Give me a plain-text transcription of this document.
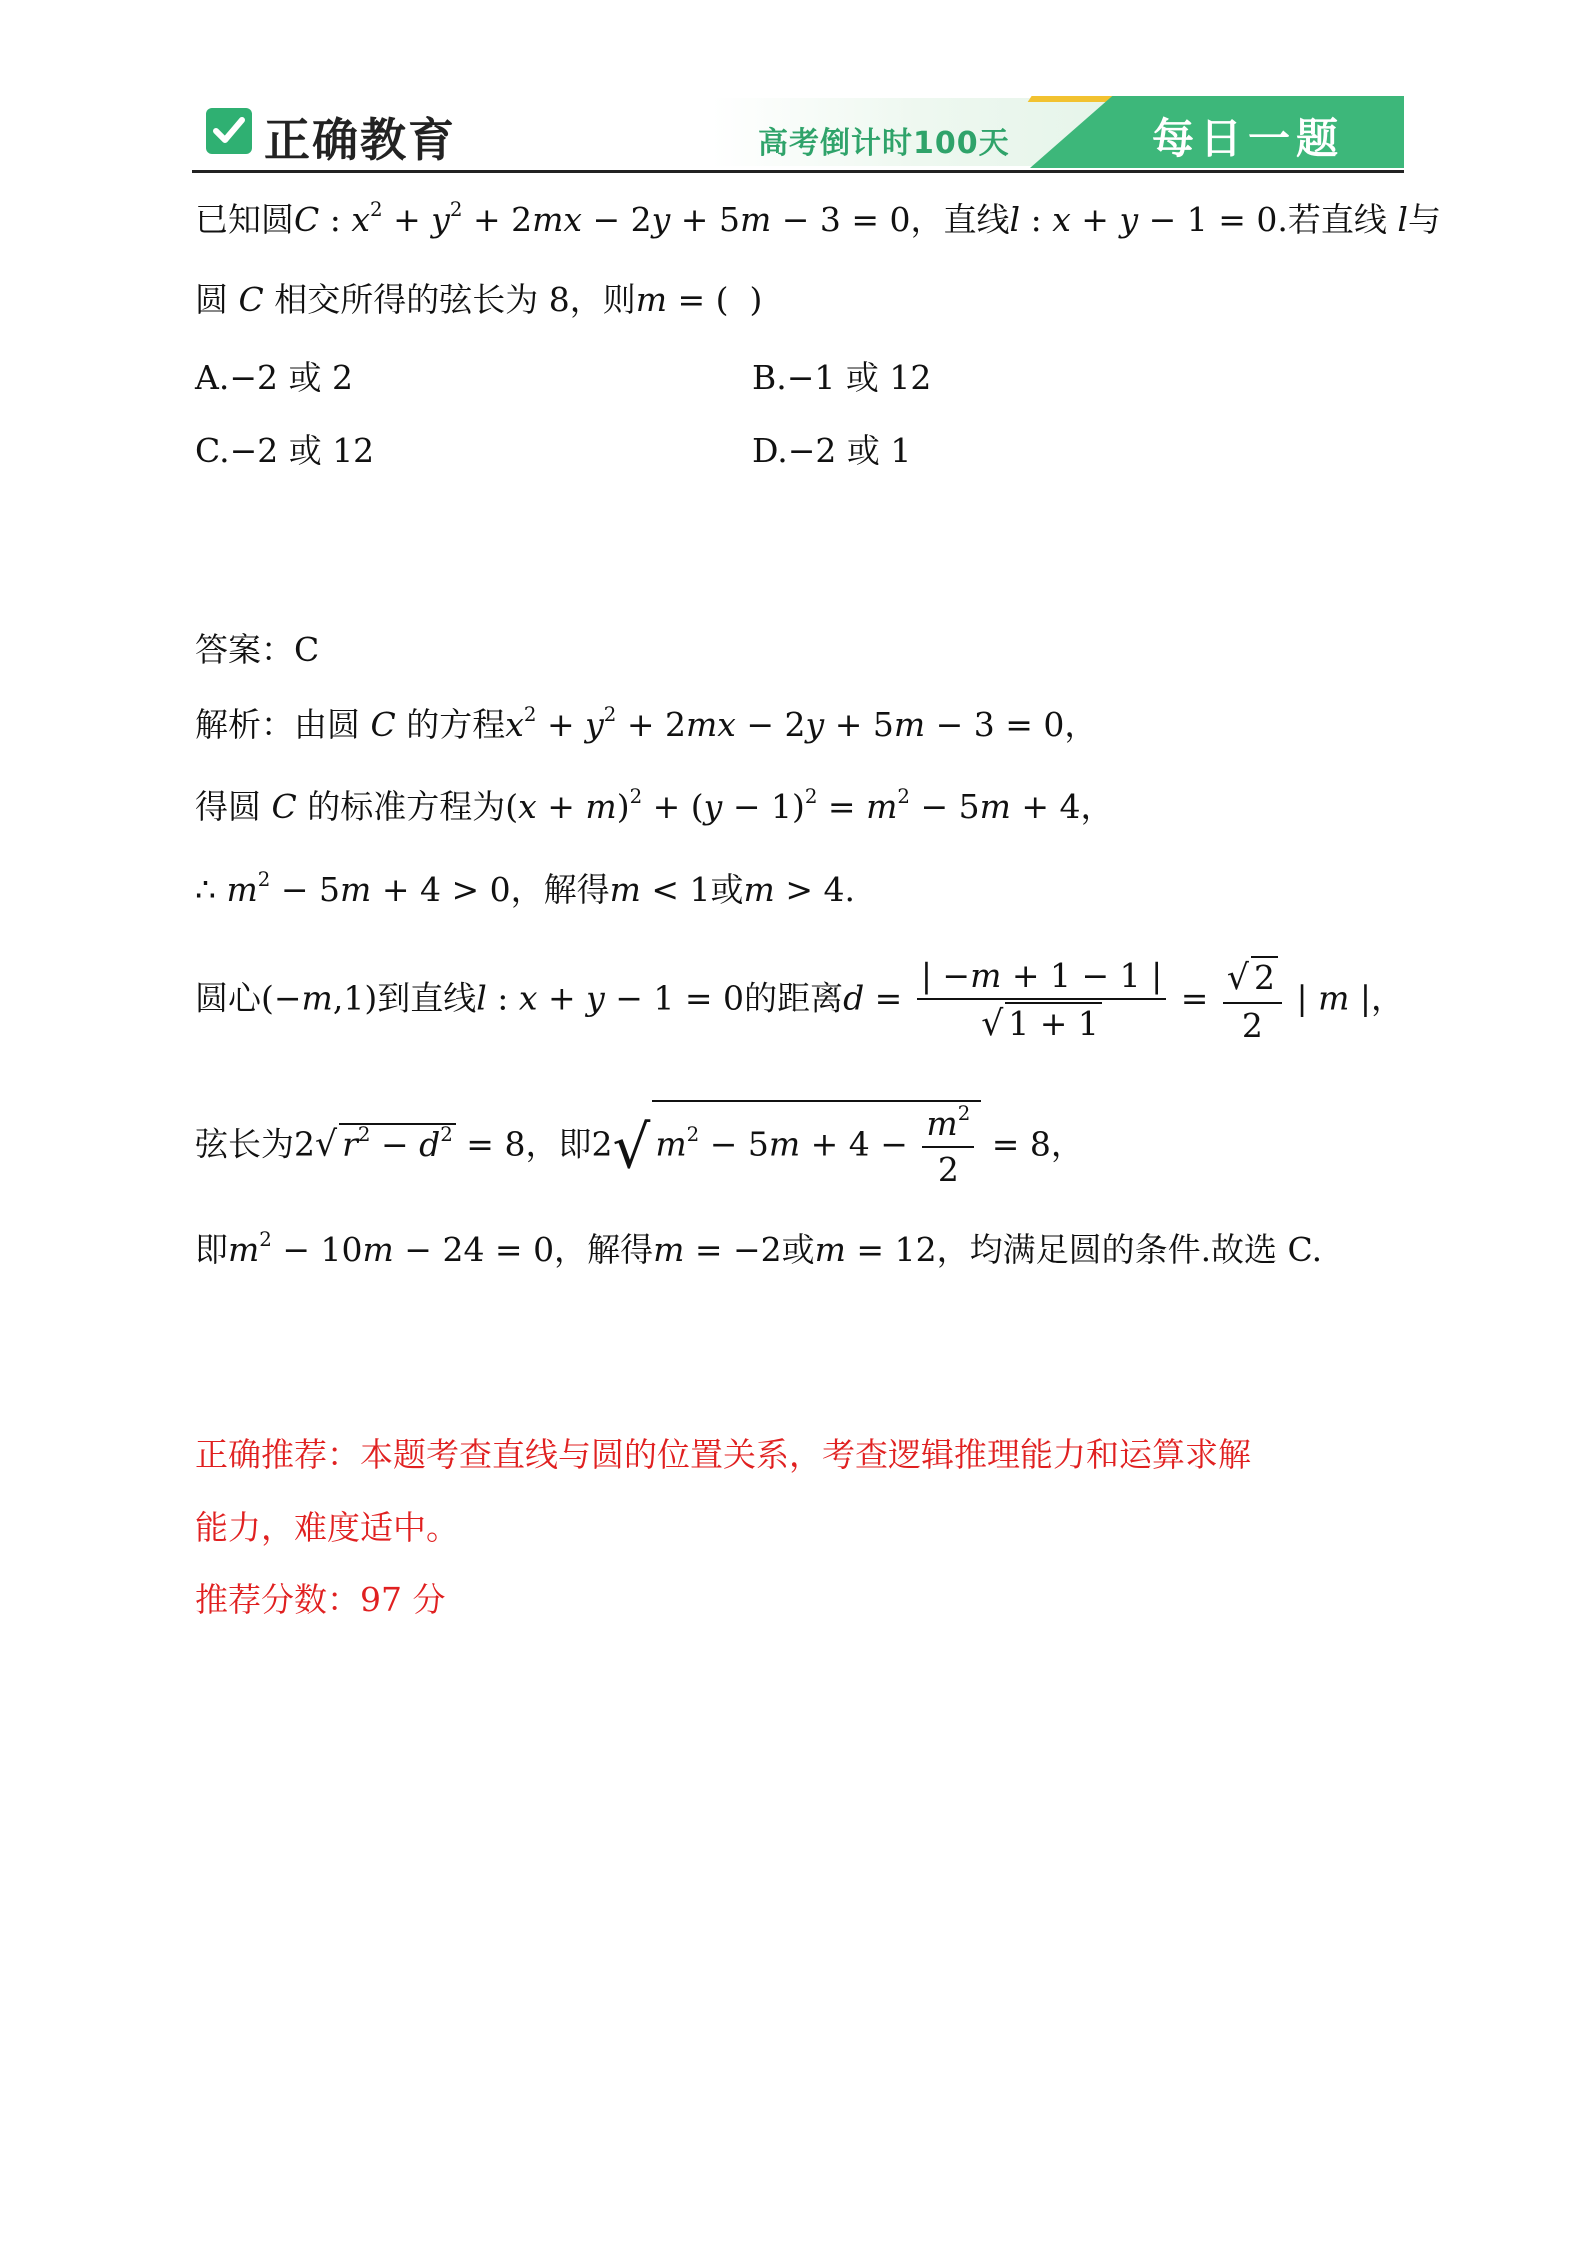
正确教育	高考倒计时100天	每日一题
已知圆C : $x^2 + y^2 + 2mx - 2y + 5m - 3 = 0$，直线l : x + y − 1 = 0.若直线 l与
圆 C 相交所得的弦长为 8，则m = (  )
A.−2 或 2	B.−1 或 12
C.−2 或 12	D.−2 或 1
答案：C
解析：由圆 C 的方程$x^2 + y^2 + 2mx - 2y + 5m - 3 = 0$，
得圆 C 的标准方程为$(x + m)^2 + (y - 1)^2 = m^2 - 5m + 4$，
∴ $m^2 - 5m + 4 > 0$，解得m < 1或m > 4.
圆心(−m,1)到直线l : x + y − 1 = 0的距离$d = \frac{| -m + 1 - 1 |}{√ 1 + 1} = \frac{√ 2}{2}$ | m |，
弦长为2√ $r^2 - d^2 = 8$，即2√ $m^2 - 5m + 4 - \frac{m^2}{2} = 8$，
即$m^2 - 10m - 24 = 0$，解得m = −2或m = 12，均满足圆的条件.故选 C.
正确推荐：本题考查直线与圆的位置关系，考查逻辑推理能力和运算求解
能力，难度适中。
推荐分数：97 分
